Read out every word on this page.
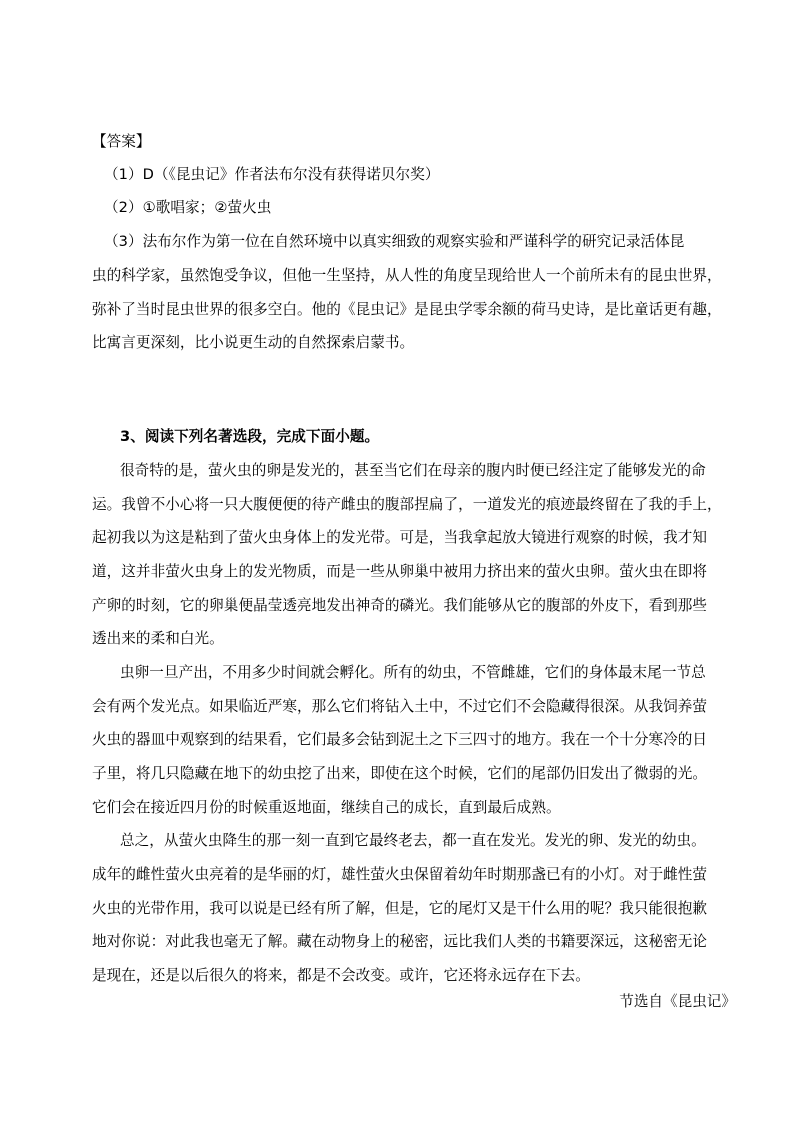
【答案】
（1）D（《昆虫记》作者法布尔没有获得诺贝尔奖）
（2）①歌唱家；②萤火虫
（3）法布尔作为第一位在自然环境中以真实细致的观察实验和严谨科学的研究记录活体昆
虫的科学家，虽然饱受争议，但他一生坚持，从人性的角度呈现给世人一个前所未有的昆虫世界，
弥补了当时昆虫世界的很多空白。他的《昆虫记》是昆虫学零余额的荷马史诗，是比童话更有趣，
比寓言更深刻，比小说更生动的自然探索启蒙书。
3、阅读下列名著选段，完成下面小题。
很奇特的是，萤火虫的卵是发光的，甚至当它们在母亲的腹内时便已经注定了能够发光的命
运。我曾不小心将一只大腹便便的待产雌虫的腹部捏扁了，一道发光的痕迹最终留在了我的手上，
起初我以为这是粘到了萤火虫身体上的发光带。可是，当我拿起放大镜进行观察的时候，我才知
道，这并非萤火虫身上的发光物质，而是一些从卵巢中被用力挤出来的萤火虫卵。萤火虫在即将
产卵的时刻，它的卵巢便晶莹透亮地发出神奇的磷光。我们能够从它的腹部的外皮下，看到那些
透出来的柔和白光。
虫卵一旦产出，不用多少时间就会孵化。所有的幼虫，不管雌雄，它们的身体最末尾一节总
会有两个发光点。如果临近严寒，那么它们将钻入土中，不过它们不会隐藏得很深。从我饲养萤
火虫的器皿中观察到的结果看，它们最多会钻到泥土之下三四寸的地方。我在一个十分寒冷的日
子里，将几只隐藏在地下的幼虫挖了出来，即使在这个时候，它们的尾部仍旧发出了微弱的光。
它们会在接近四月份的时候重返地面，继续自己的成长，直到最后成熟。
总之，从萤火虫降生的那一刻一直到它最终老去，都一直在发光。发光的卵、发光的幼虫。
成年的雌性萤火虫亮着的是华丽的灯，雄性萤火虫保留着幼年时期那盏已有的小灯。对于雌性萤
火虫的光带作用，我可以说是已经有所了解，但是，它的尾灯又是干什么用的呢？我只能很抱歉
地对你说：对此我也毫无了解。藏在动物身上的秘密，远比我们人类的书籍要深远，这秘密无论
是现在，还是以后很久的将来，都是不会改变。或许，它还将永远存在下去。
节选自《昆虫记》
